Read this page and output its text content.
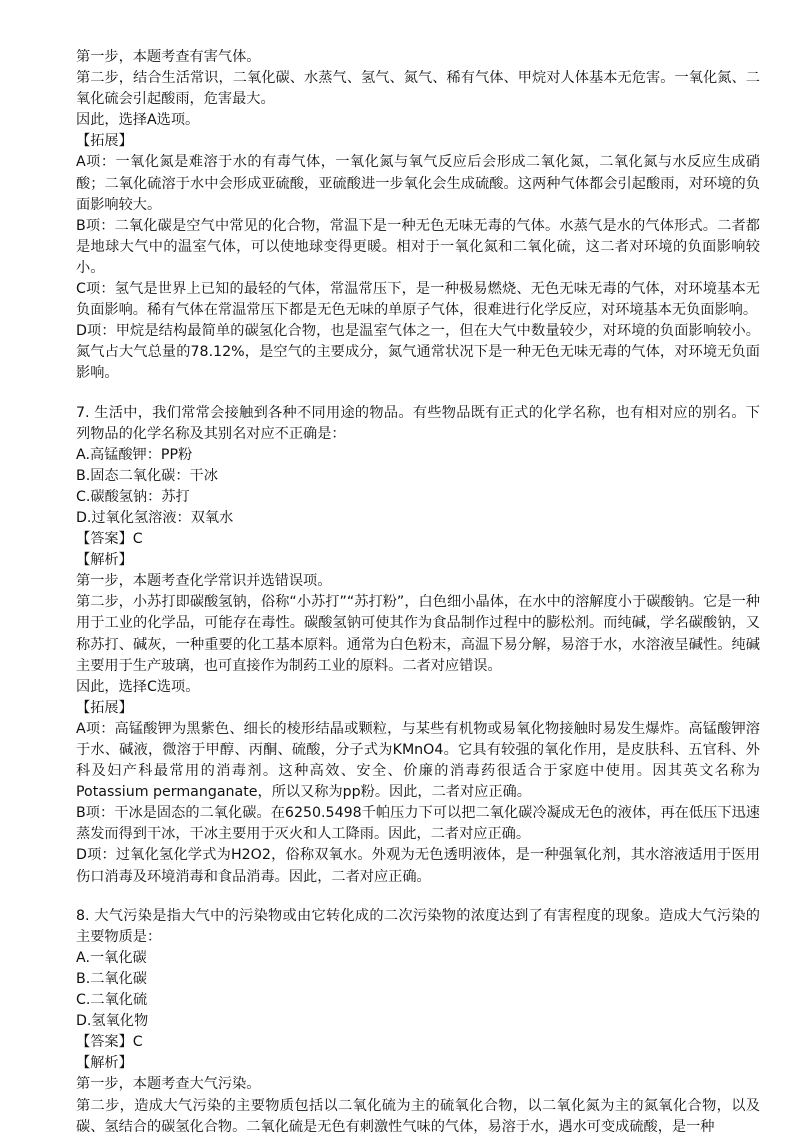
第一步，本题考查有害气体。

第二步，结合生活常识，二氧化碳、水蒸气、氢气、氮气、稀有气体、甲烷对人体基本无危害。一氧化氮、二氧化硫会引起酸雨，危害最大。

因此，选择A选项。

【拓展】

A项：一氧化氮是难溶于水的有毒气体，一氧化氮与氧气反应后会形成二氧化氮，二氧化氮与水反应生成硝酸；二氧化硫溶于水中会形成亚硫酸，亚硫酸进一步氧化会生成硫酸。这两种气体都会引起酸雨，对环境的负面影响较大。

B项：二氧化碳是空气中常见的化合物，常温下是一种无色无味无毒的气体。水蒸气是水的气体形式。二者都是地球大气中的温室气体，可以使地球变得更暖。相对于一氧化氮和二氧化硫，这二者对环境的负面影响较小。

C项：氢气是世界上已知的最轻的气体，常温常压下，是一种极易燃烧、无色无味无毒的气体，对环境基本无负面影响。稀有气体在常温常压下都是无色无味的单原子气体，很难进行化学反应，对环境基本无负面影响。

D项：甲烷是结构最简单的碳氢化合物，也是温室气体之一，但在大气中数量较少，对环境的负面影响较小。氮气占大气总量的78.12%，是空气的主要成分，氮气通常状况下是一种无色无味无毒的气体，对环境无负面影响。

7. 生活中，我们常常会接触到各种不同用途的物品。有些物品既有正式的化学名称，也有相对应的别名。下列物品的化学名称及其别名对应不正确是：

A.高锰酸钾：PP粉

B.固态二氧化碳：干冰

C.碳酸氢钠：苏打

D.过氧化氢溶液：双氧水

【答案】C

【解析】

第一步，本题考查化学常识并选错误项。

第二步，小苏打即碳酸氢钠，俗称“小苏打”“苏打粉”，白色细小晶体，在水中的溶解度小于碳酸钠。它是一种用于工业的化学品，可能存在毒性。碳酸氢钠可使其作为食品制作过程中的膨松剂。而纯碱，学名碳酸钠，又称苏打、碱灰，一种重要的化工基本原料。通常为白色粉末，高温下易分解，易溶于水，水溶液呈碱性。纯碱主要用于生产玻璃，也可直接作为制药工业的原料。二者对应错误。

因此，选择C选项。

【拓展】

A项：高锰酸钾为黑紫色、细长的棱形结晶或颗粒，与某些有机物或易氧化物接触时易发生爆炸。高锰酸钾溶于水、碱液，微溶于甲醇、丙酮、硫酸，分子式为KMnO4。它具有较强的氧化作用，是皮肤科、五官科、外科及妇产科最常用的消毒剂。这种高效、安全、价廉的消毒药很适合于家庭中使用。因其英文名称为Potassium permanganate，所以又称为pp粉。因此，二者对应正确。

B项：干冰是固态的二氧化碳。在6250.5498千帕压力下可以把二氧化碳冷凝成无色的液体，再在低压下迅速蒸发而得到干冰，干冰主要用于灭火和人工降雨。因此，二者对应正确。

D项：过氧化氢化学式为H2O2，俗称双氧水。外观为无色透明液体，是一种强氧化剂，其水溶液适用于医用伤口消毒及环境消毒和食品消毒。因此，二者对应正确。

8. 大气污染是指大气中的污染物或由它转化成的二次污染物的浓度达到了有害程度的现象。造成大气污染的主要物质是：

A.一氧化碳

B.二氧化碳

C.二氧化硫

D.氢氧化物

【答案】C

【解析】

第一步，本题考查大气污染。

第二步，造成大气污染的主要物质包括以二氧化硫为主的硫氧化合物，以二氧化氮为主的氮氧化合物，以及碳、氢结合的碳氢化合物。二氧化硫是无色有刺激性气味的气体，易溶于水，遇水可变成硫酸，是一种
